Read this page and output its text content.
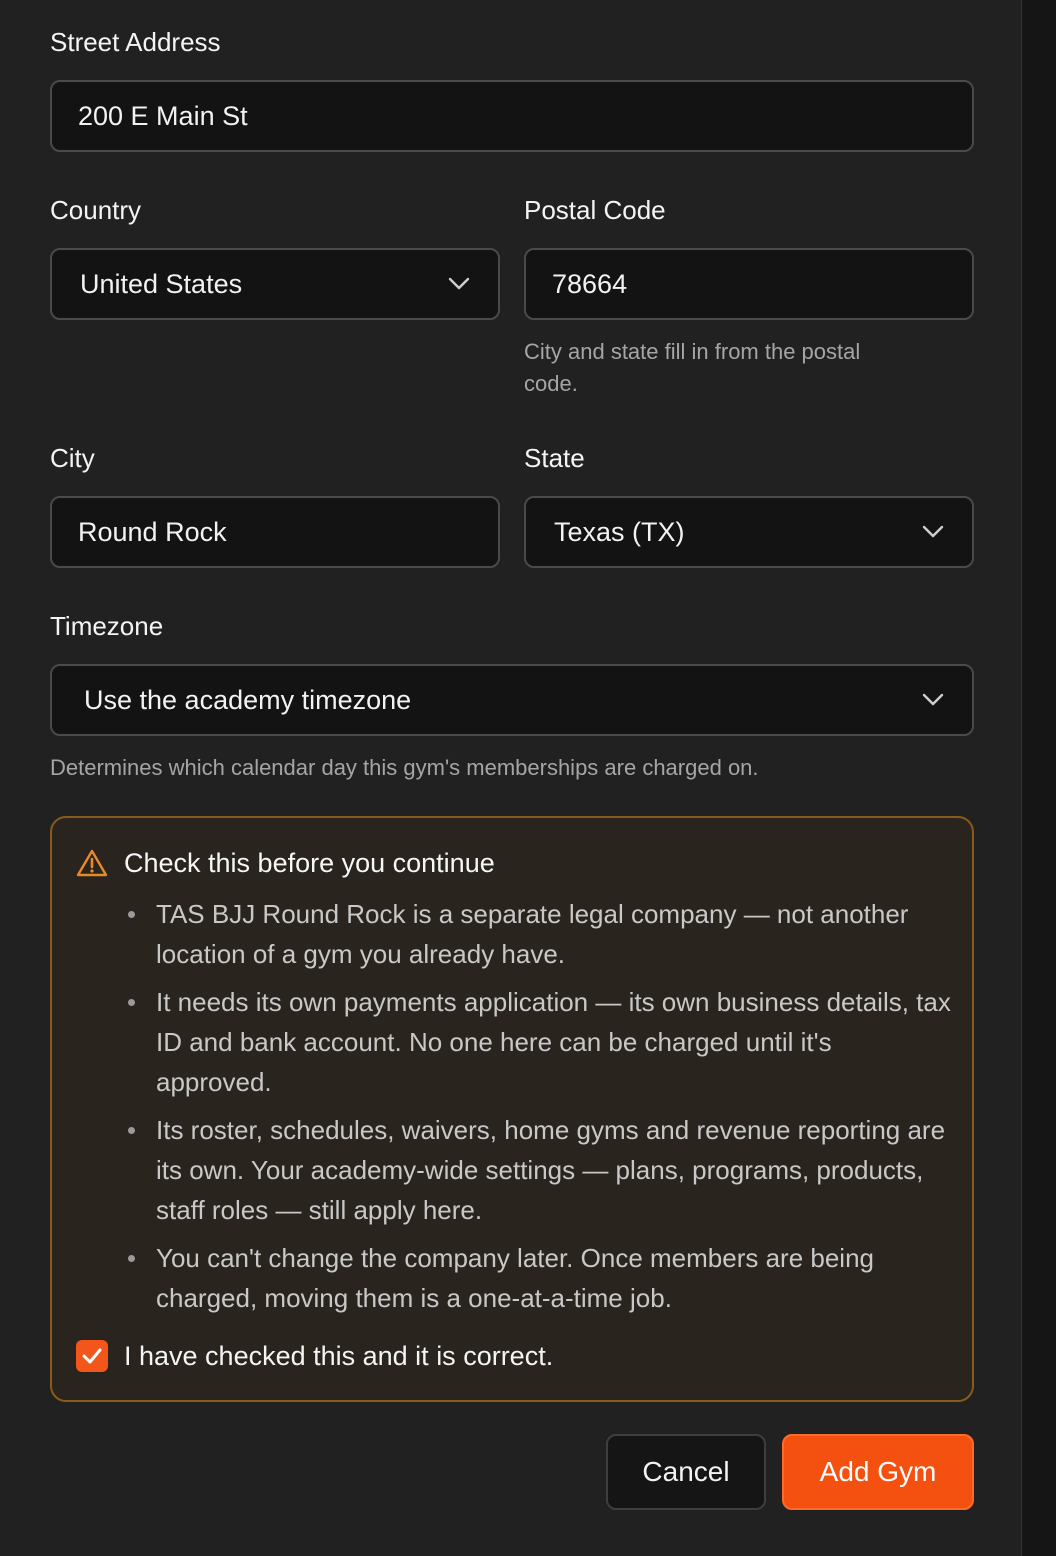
Street Address
200 E Main St
Country
United States
Postal Code
78664
City and state fill in from the postal
code.
City
Round Rock
State
Texas (TX)
Timezone
Use the academy timezone
Determines which calendar day this gym's memberships are charged on.
Check this before you continue
TAS BJJ Round Rock is a separate legal company — not another location of a gym you already have.
It needs its own payments application — its own business details, tax ID and bank account. No one here can be charged until it's approved.
Its roster, schedules, waivers, home gyms and revenue reporting are its own. Your academy-wide settings — plans, programs, products, staff roles — still apply here.
You can't change the company later. Once members are being charged, moving them is a one-at-a-time job.
I have checked this and it is correct.
Cancel	Add Gym
